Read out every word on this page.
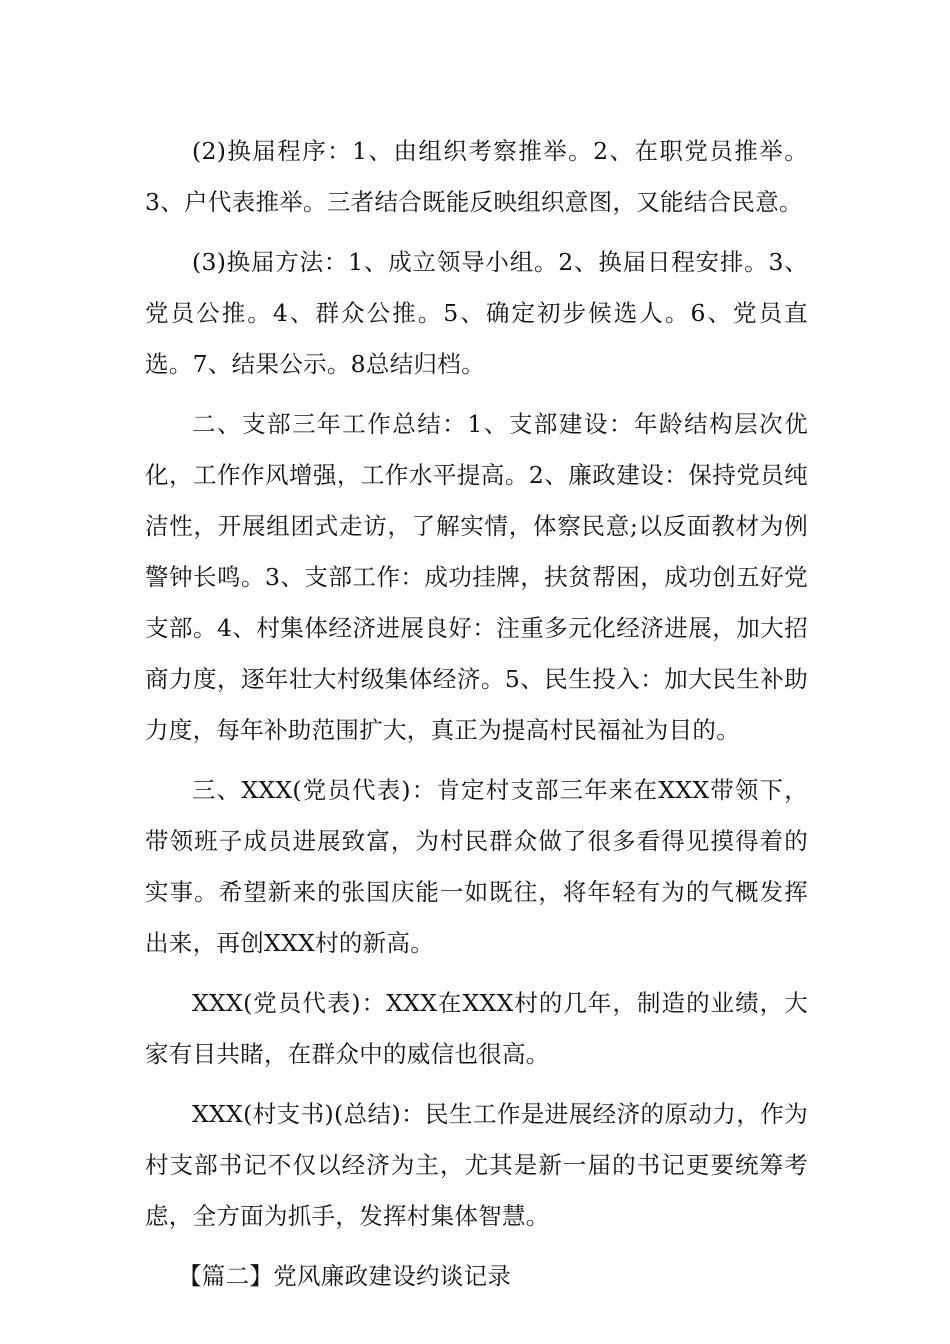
(2)换届程序：1、由组织考察推举。2、在职党员推举。3、户代表推举。三者结合既能反映组织意图，又能结合民意。

(3)换届方法：1、成立领导小组。2、换届日程安排。3、党员公推。4、群众公推。5、确定初步候选人。6、党员直选。7、结果公示。8总结归档。

二、支部三年工作总结：1、支部建设：年龄结构层次优化，工作作风增强，工作水平提高。2、廉政建设：保持党员纯洁性，开展组团式走访，了解实情，体察民意;以反面教材为例警钟长鸣。3、支部工作：成功挂牌，扶贫帮困，成功创五好党支部。4、村集体经济进展良好：注重多元化经济进展，加大招商力度，逐年壮大村级集体经济。5、民生投入：加大民生补助力度，每年补助范围扩大，真正为提高村民福祉为目的。

三、XXX(党员代表)：肯定村支部三年来在XXX带领下，带领班子成员进展致富，为村民群众做了很多看得见摸得着的实事。希望新来的张国庆能一如既往，将年轻有为的气概发挥出来，再创XXX村的新高。

XXX(党员代表)：XXX在XXX村的几年，制造的业绩，大家有目共睹，在群众中的威信也很高。

XXX(村支书)(总结)：民生工作是进展经济的原动力，作为村支部书记不仅以经济为主，尤其是新一届的书记更要统筹考虑，全方面为抓手，发挥村集体智慧。

【篇二】党风廉政建设约谈记录
